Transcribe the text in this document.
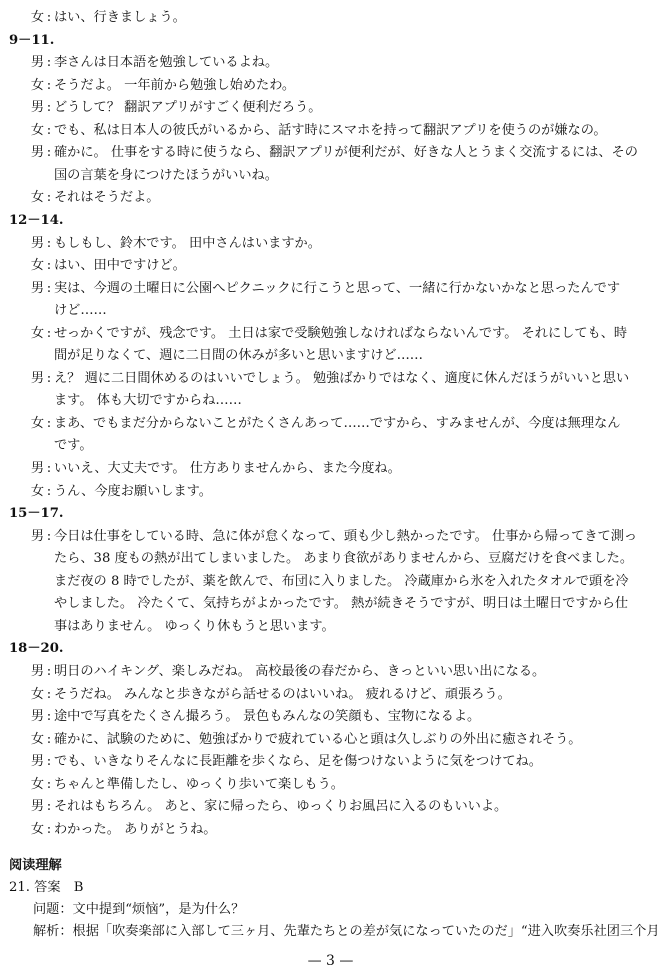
女 : はい、行きましょう。
9－11.
男 : 李さんは日本語を勉強しているよね。
女 : そうだよ。 一年前から勉強し始めたわ。
男 : どうして？ 翻訳アプリがすごく便利だろう。
女 : でも、私は日本人の彼氏がいるから、話す時にスマホを持って翻訳アプリを使うのが嫌なの。
男 : 確かに。 仕事をする時に使うなら、翻訳アプリが便利だが、好きな人とうまく交流するには、その
国の言葉を身につけたほうがいいね。
女 : それはそうだよ。
12－14.
男 : もしもし、鈴木です。 田中さんはいますか。
女 : はい、田中ですけど。
男 : 実は、今週の土曜日に公園へピクニックに行こうと思って、一緒に行かないかなと思ったんです
けど……
女 : せっかくですが、残念です。 土日は家で受験勉強しなければならないんです。 それにしても、時
間が足りなくて、週に二日間の休みが多いと思いますけど……
男 : え？ 週に二日間休めるのはいいでしょう。 勉強ばかりではなく、適度に休んだほうがいいと思い
ます。 体も大切ですからね……
女 : まあ、でもまだ分からないことがたくさんあって……ですから、すみませんが、今度は無理なん
です。
男 : いいえ、大丈夫です。 仕方ありませんから、また今度ね。
女 : うん、今度お願いします。
15－17.
男 : 今日は仕事をしている時、急に体が怠くなって、頭も少し熱かったです。 仕事から帰ってきて測っ
たら、38 度もの熱が出てしまいました。 あまり食欲がありませんから、豆腐だけを食べました。
まだ夜の 8 時でしたが、薬を飲んで、布団に入りました。 冷蔵庫から氷を入れたタオルで頭を冷
やしました。 冷たくて、気持ちがよかったです。 熱が続きそうですが、明日は土曜日ですから仕
事はありません。 ゆっくり休もうと思います。
18－20.
男 : 明日のハイキング、楽しみだね。 高校最後の春だから、きっといい思い出になる。
女 : そうだね。 みんなと歩きながら話せるのはいいね。 疲れるけど、頑張ろう。
男 : 途中で写真をたくさん撮ろう。 景色もみんなの笑顔も、宝物になるよ。
女 : 確かに、試験のために、勉強ばかりで疲れている心と頭は久しぶりの外出に癒されそう。
男 : でも、いきなりそんなに長距離を歩くなら、足を傷つけないように気をつけてね。
女 : ちゃんと準備したし、ゆっくり歩いて楽しもう。
男 : それはもちろん。 あと、家に帰ったら、ゆっくりお風呂に入るのもいいよ。
女 : わかった。 ありがとうね。
阅读理解
21. 答案　B
问题：文中提到“烦恼”，是为什么？
解析：根据「吹奏楽部に入部して三ヶ月、先輩たちとの差が気になっていたのだ」“进入吹奏乐社团三个月
— 3 —
